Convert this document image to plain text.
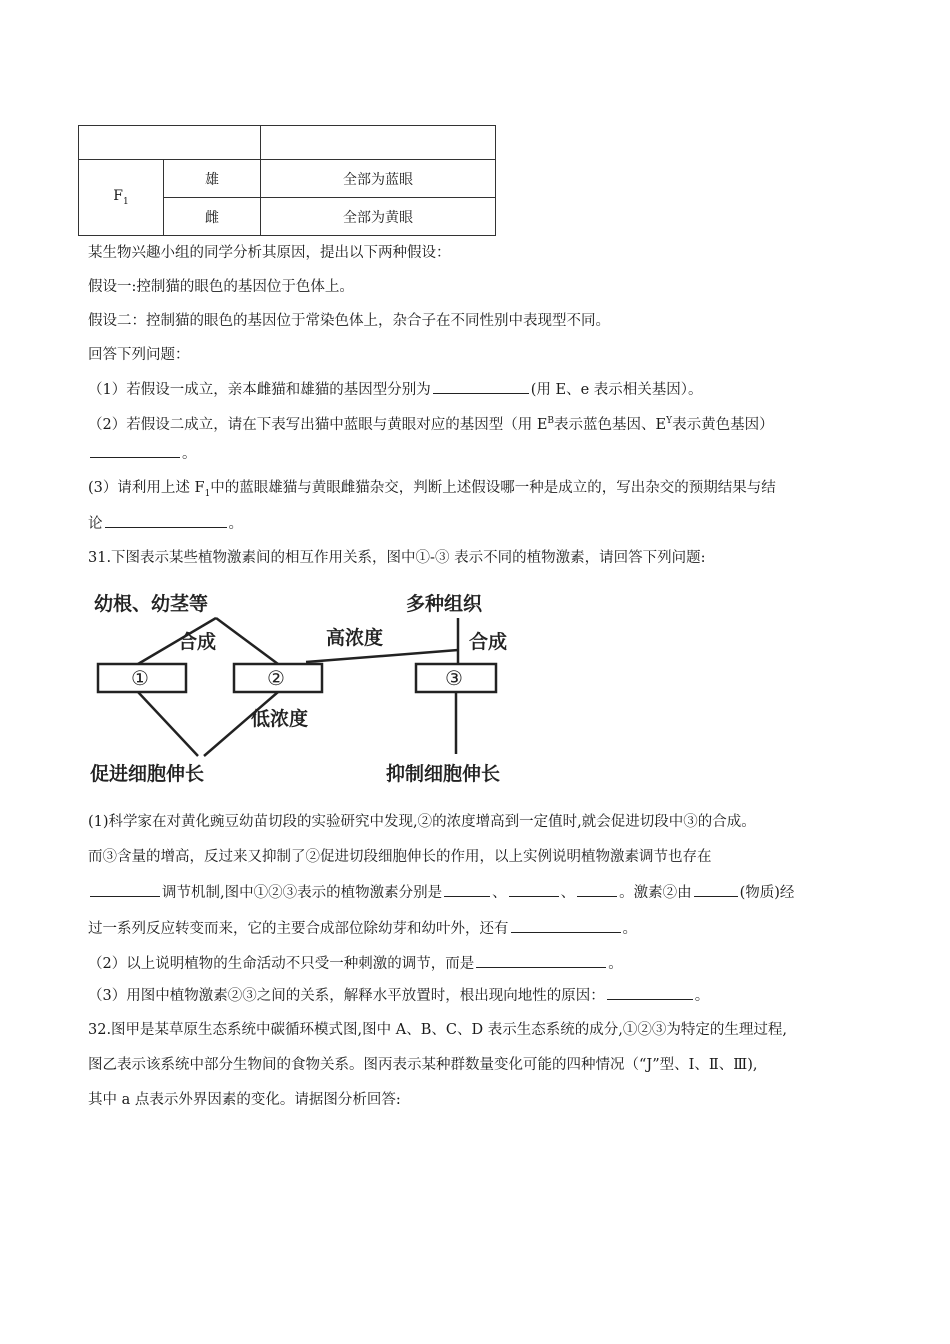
$F_1$	雄	全部为蓝眼
	雌	全部为黄眼
某生物兴趣小组的同学分析其原因，提出以下两种假设：
假设一:控制猫的眼色的基因位于色体上。
假设二：控制猫的眼色的基因位于常染色体上，杂合子在不同性别中表现型不同。
回答下列问题：
（1）若假设一成立，亲本雌猫和雄猫的基因型分别为	(用 E、e 表示相关基因）。
（2）若假设二成立，请在下表写出猫中蓝眼与黄眼对应的基因型（用 $E^B$表示蓝色基因、$E^Y$表示黄色基因）
。
(3）请利用上述 $F_1$中的蓝眼雄猫与黄眼雌猫杂交，判断上述假设哪一种是成立的，写出杂交的预期结果与结
论	。
31.下图表示某些植物激素间的相互作用关系，图中①-③ 表示不同的植物激素，请回答下列问题:
幼根、幼茎等	多种组织
合成	合成
高浓度
①	②	③
低浓度
促进细胞伸长	抑制细胞伸长
(1)科学家在对黄化豌豆幼苗切段的实验研究中发现,②的浓度增高到一定值时,就会促进切段中③的合成。
而③含量的增高，反过来又抑制了②促进切段细胞伸长的作用，以上实例说明植物激素调节也存在
调节机制,图中①②③表示的植物激素分别是	、	、	。激素②由	(物质)经
过一系列反应转变而来，它的主要合成部位除幼芽和幼叶外，还有	。
（2）以上说明植物的生命活动不只受一种刺激的调节，而是	。
（3）用图中植物激素②③之间的关系，解释水平放置时，根出现向地性的原因：	。
32.图甲是某草原生态系统中碳循环模式图,图中 A、B、C、D 表示生态系统的成分,①②③为特定的生理过程,
图乙表示该系统中部分生物间的食物关系。图丙表示某种群数量变化可能的四种情况（“J”型、Ⅰ、Ⅱ、Ⅲ),
其中 a 点表示外界因素的变化。请据图分析回答:
